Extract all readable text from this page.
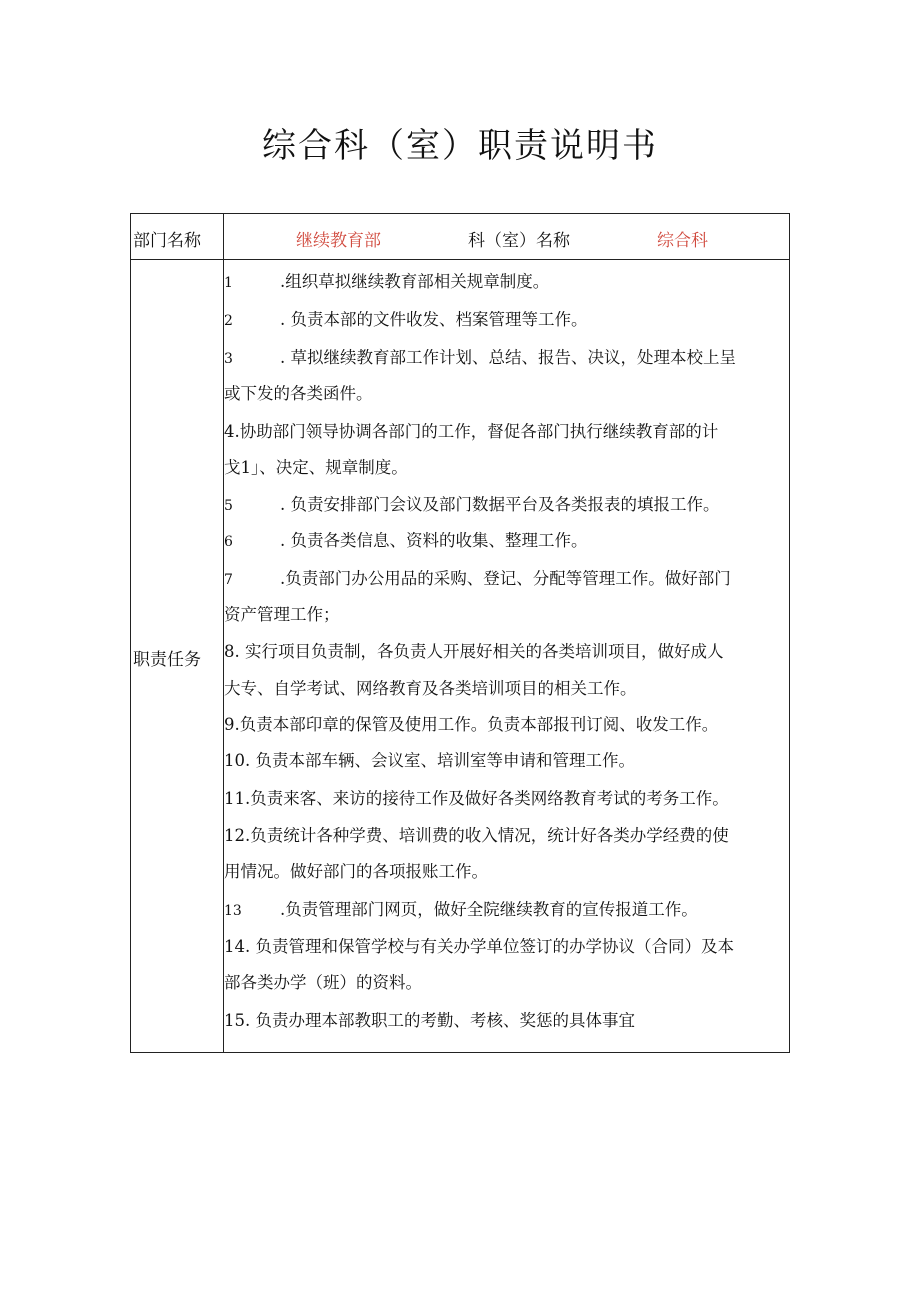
综合科（室）职责说明书
部门名称	继续教育部	科（室）名称	综合科
职责任务
1	.组织草拟继续教育部相关规章制度。
2	. 负责本部的文件收发、档案管理等工作。
3	. 草拟继续教育部工作计划、总结、报告、决议，处理本校上呈
或下发的各类函件。
4.协助部门领导协调各部门的工作，督促各部门执行继续教育部的计
戈1」、决定、规章制度。
5	. 负责安排部门会议及部门数据平台及各类报表的填报工作。
6	. 负责各类信息、资料的收集、整理工作。
7	.负责部门办公用品的采购、登记、分配等管理工作。做好部门
资产管理工作；
8. 实行项目负责制，各负责人开展好相关的各类培训项目，做好成人
大专、自学考试、网络教育及各类培训项目的相关工作。
9.负责本部印章的保管及使用工作。负责本部报刊订阅、收发工作。
10. 负责本部车辆、会议室、培训室等申请和管理工作。
11.负责来客、来访的接待工作及做好各类网络教育考试的考务工作。
12.负责统计各种学费、培训费的收入情况，统计好各类办学经费的使
用情况。做好部门的各项报账工作。
13 .负责管理部门网页，做好全院继续教育的宣传报道工作。
14. 负责管理和保管学校与有关办学单位签订的办学协议（合同）及本
部各类办学（班）的资料。
15. 负责办理本部教职工的考勤、考核、奖惩的具体事宜
